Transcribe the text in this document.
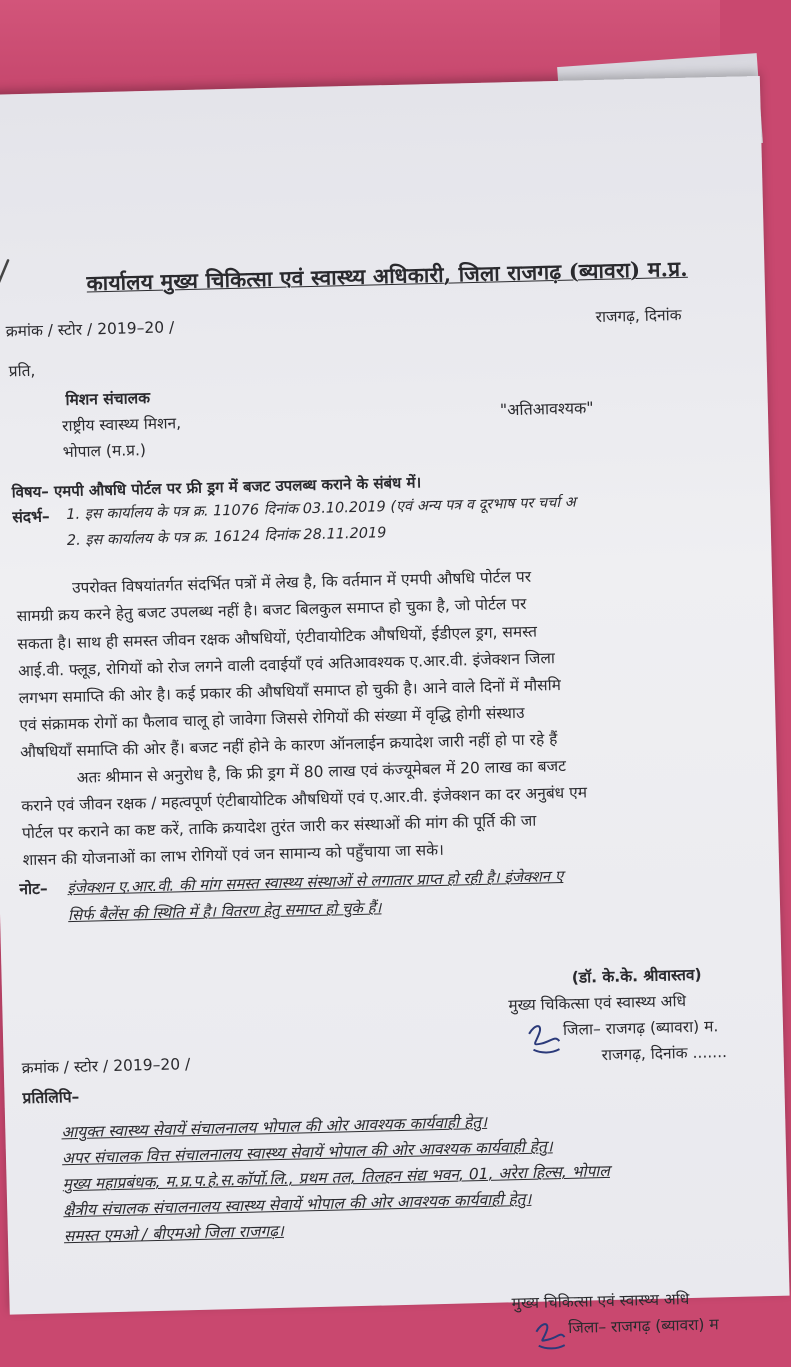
कार्यालय मुख्य चिकित्सा एवं स्वास्थ्य अधिकारी, जिला राजगढ़ (ब्यावरा) म.प्र.
क्रमांक / स्टोर / 2019–20 /
राजगढ़, दिनांक
प्रति,
मिशन संचालक
राष्ट्रीय स्वास्थ्य मिशन,
भोपाल (म.प्र.)
"अतिआवश्यक"
विषय– एमपी औषधि पोर्टल पर फ्री ड्रग में बजट उपलब्ध कराने के संबंध में।
संदर्भ– 1. इस कार्यालय के पत्र क्र. 11076 दिनांक 03.10.2019 (एवं अन्य पत्र व दूरभाष पर चर्चा अ
2. इस कार्यालय के पत्र क्र. 16124 दिनांक 28.11.2019
उपरोक्त विषयांतर्गत संदर्भित पत्रों में लेख है, कि वर्तमान में एमपी औषधि पोर्टल पर
सामग्री क्रय करने हेतु बजट उपलब्ध नहीं है। बजट बिलकुल समाप्त हो चुका है, जो पोर्टल पर
सकता है। साथ ही समस्त जीवन रक्षक औषधियों, एंटीवायोटिक औषधियों, ईडीएल ड्रग, समस्त
आई.वी. फ्लूड, रोगियों को रोज लगने वाली दवाईयाँ एवं अतिआवश्यक ए.आर.वी. इंजेक्शन जिला
लगभग समाप्ति की ओर है। कई प्रकार की औषधियाँ समाप्त हो चुकी है। आने वाले दिनों में मौसमि
एवं संक्रामक रोगों का फैलाव चालू हो जावेगा जिससे रोगियों की संख्या में वृद्धि होगी संस्थाउ
औषधियाँ समाप्ति की ओर हैं। बजट नहीं होने के कारण ऑनलाईन क्रयादेश जारी नहीं हो पा रहे हैं
अतः श्रीमान से अनुरोध है, कि फ्री ड्रग में 80 लाख एवं कंज्यूमेबल में 20 लाख का बजट
कराने एवं जीवन रक्षक / महत्वपूर्ण एंटीबायोटिक औषधियों एवं ए.आर.वी. इंजेक्शन का दर अनुबंध एम
पोर्टल पर कराने का कष्ट करें, ताकि क्रयादेश तुरंत जारी कर संस्थाओं की मांग की पूर्ति की जा
शासन की योजनाओं का लाभ रोगियों एवं जन सामान्य को पहुँचाया जा सके।
नोट– इंजेक्शन ए.आर.वी. की मांग समस्त स्वास्थ्य संस्थाओं से लगातार प्राप्त हो रही है। इंजेक्शन ए
सिर्फ बैलेंस की स्थिति में है। वितरण हेतु समाप्त हो चुके हैं।
(डॉ. के.के. श्रीवास्तव)
मुख्य चिकित्सा एवं स्वास्थ्य अधि
जिला– राजगढ़ (ब्यावरा) म.
क्रमांक / स्टोर / 2019–20 /
राजगढ़, दिनांक .......
प्रतिलिपि–
आयुक्त स्वास्थ्य सेवायें संचालनालय भोपाल की ओर आवश्यक कार्यवाही हेतु।
अपर संचालक वित्त संचालनालय स्वास्थ्य सेवायें भोपाल की ओर आवश्यक कार्यवाही हेतु।
मुख्य महाप्रबंधक, म.प्र.प.हे.स.कॉर्पो.लि., प्रथम तल, तिलहन संद्य भवन, 01, अरेरा हिल्स, भोपाल
क्षैत्रीय संचालक संचालनालय स्वास्थ्य सेवायें भोपाल की ओर आवश्यक कार्यवाही हेतु।
समस्त एमओ / बीएमओ जिला राजगढ़।
मुख्य चिकित्सा एवं स्वास्थ्य अधि
जिला– राजगढ़ (ब्यावरा) म
